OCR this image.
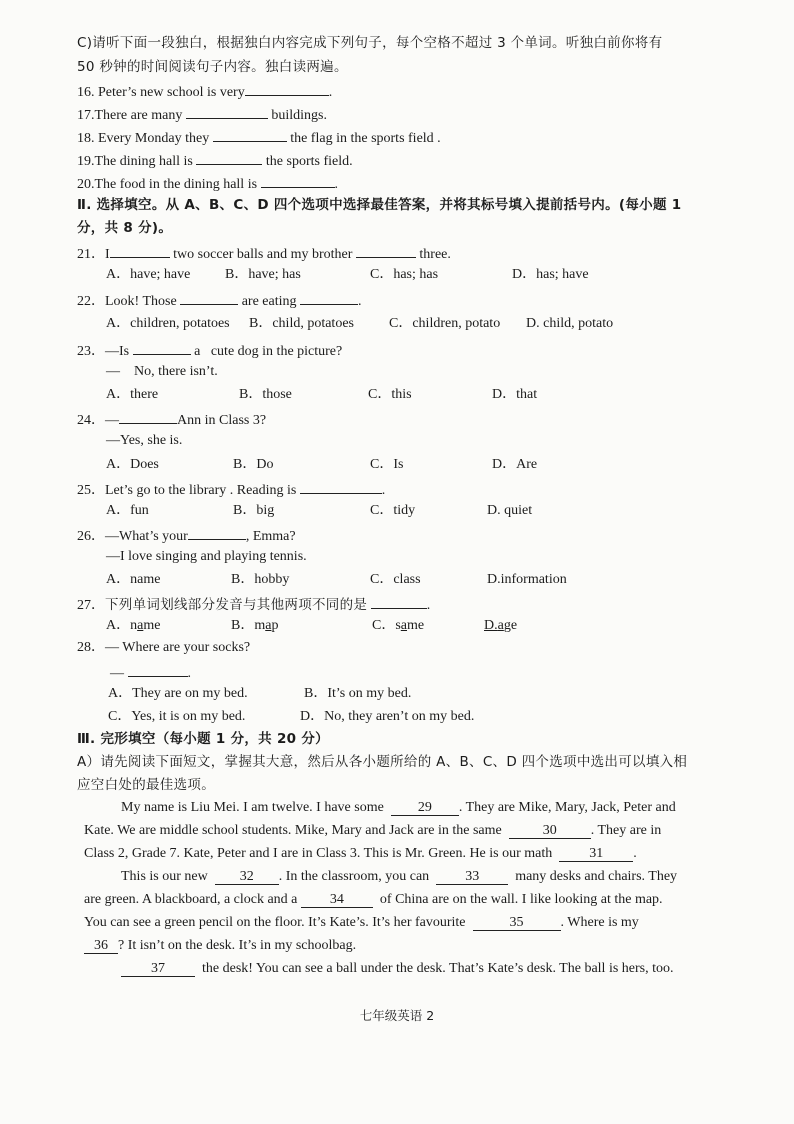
C)请听下面一段独白，根据独白内容完成下列句子，每个空格不超过 3 个单词。听独白前你将有
50 秒钟的时间阅读句子内容。独白读两遍。
16. Peter’s new school is very	.
17.There are many	buildings.
18. Every Monday they	the flag in the sports field .
19.The dining hall is	the sports field.
20.The food in the dining hall is	.
Ⅱ. 选择填空。从 A、B、C、D 四个选项中选择最佳答案，并将其标号填入提前括号内。(每小题 1
分，共 8 分)。
21．I	two soccer balls and my brother	three.
A．have; have B．have; has	C．has; has	D．has; have
22．Look! Those	are eating	.
A．children, potatoes B．child, potatoes	C．children, potato D. child, potato
23．—Is	a cute dog in the picture?
—　No, there isn’t.
A．there	B．those	C．this	D．that
24．—	Ann in Class 3?
—Yes, she is.
A．Does	B．Do	C．Is	D．Are
25．Let’s go to the library . Reading is	.
A．fun	B．big	C．tidy	D. quiet
26．—What’s your	, Emma?
—I love singing and playing tennis.
A．name	B．hobby	C．class	D.information
27．下列单词划线部分发音与其他两项不同的是	.
A．name	B．map	C．same	D.age
28．— Where are your socks?
—	.
A．They are on my bed.	B．It’s on my bed.
C．Yes, it is on my bed.	D．No, they aren’t on my bed.
Ⅲ. 完形填空（每小题 1 分，共 20 分）
A）请先阅读下面短文，掌握其大意，然后从各小题所给的 A、B、C、D 四个选项中选出可以填入相
应空白处的最佳选项。
My name is Liu Mei. I am twelve. I have some 29 . They are Mike, Mary, Jack, Peter and
Kate. We are middle school students. Mike, Mary and Jack are in the same	30 . They are in
Class 2, Grade 7. Kate, Peter and I are in Class 3. This is Mr. Green. He is our math	31 .
This is our new 32 . In the classroom, you can	33	many desks and chairs. They
are green. A blackboard, a clock and a 34	of China are on the wall. I like looking at the map.
You can see a green pencil on the floor. It’s Kate’s. It’s her favourite	35	. Where is my
36 ? It isn’t on the desk. It’s in my schoolbag.
37	the desk! You can see a ball under the desk. That’s Kate’s desk. The ball is hers, too.
七年级英语 2
